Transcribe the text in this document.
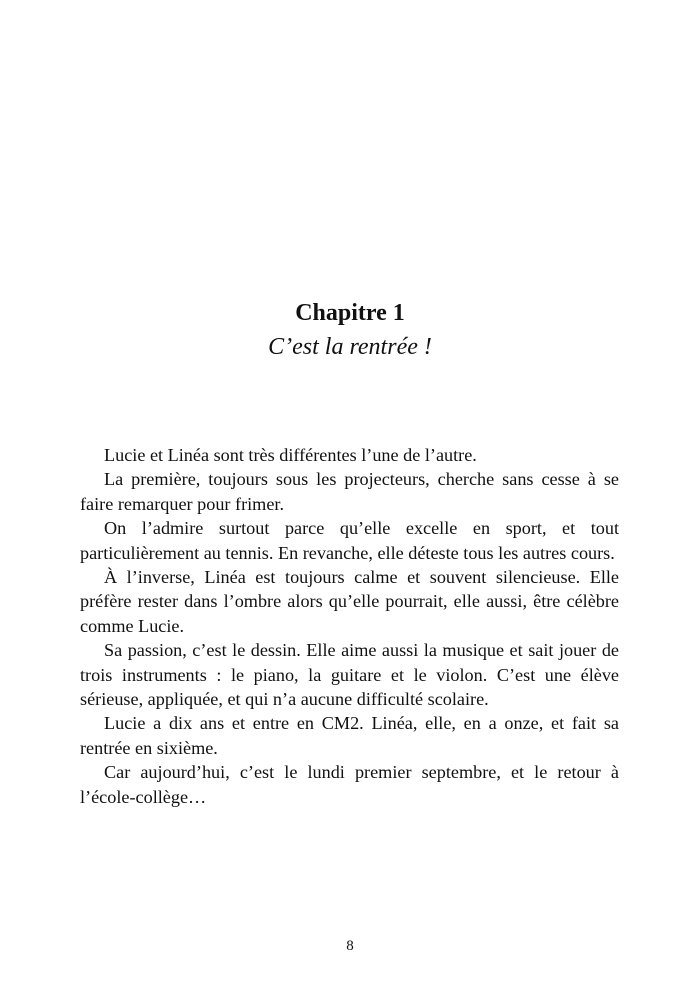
Chapitre 1
C’est la rentrée !

Lucie et Linéa sont très différentes l’une de l’autre.

La première, toujours sous les projecteurs, cherche sans cesse à se faire remarquer pour frimer.

On l’admire surtout parce qu’elle excelle en sport, et tout particulièrement au tennis. En revanche, elle déteste tous les autres cours.

À l’inverse, Linéa est toujours calme et souvent silencieuse. Elle préfère rester dans l’ombre alors qu’elle pourrait, elle aussi, être célèbre comme Lucie.

Sa passion, c’est le dessin. Elle aime aussi la musique et sait jouer de trois instruments : le piano, la guitare et le violon. C’est une élève sérieuse, appliquée, et qui n’a aucune difficulté scolaire.

Lucie a dix ans et entre en CM2. Linéa, elle, en a onze, et fait sa rentrée en sixième.

Car aujourd’hui, c’est le lundi premier septembre, et le retour à l’école-collège…

8
